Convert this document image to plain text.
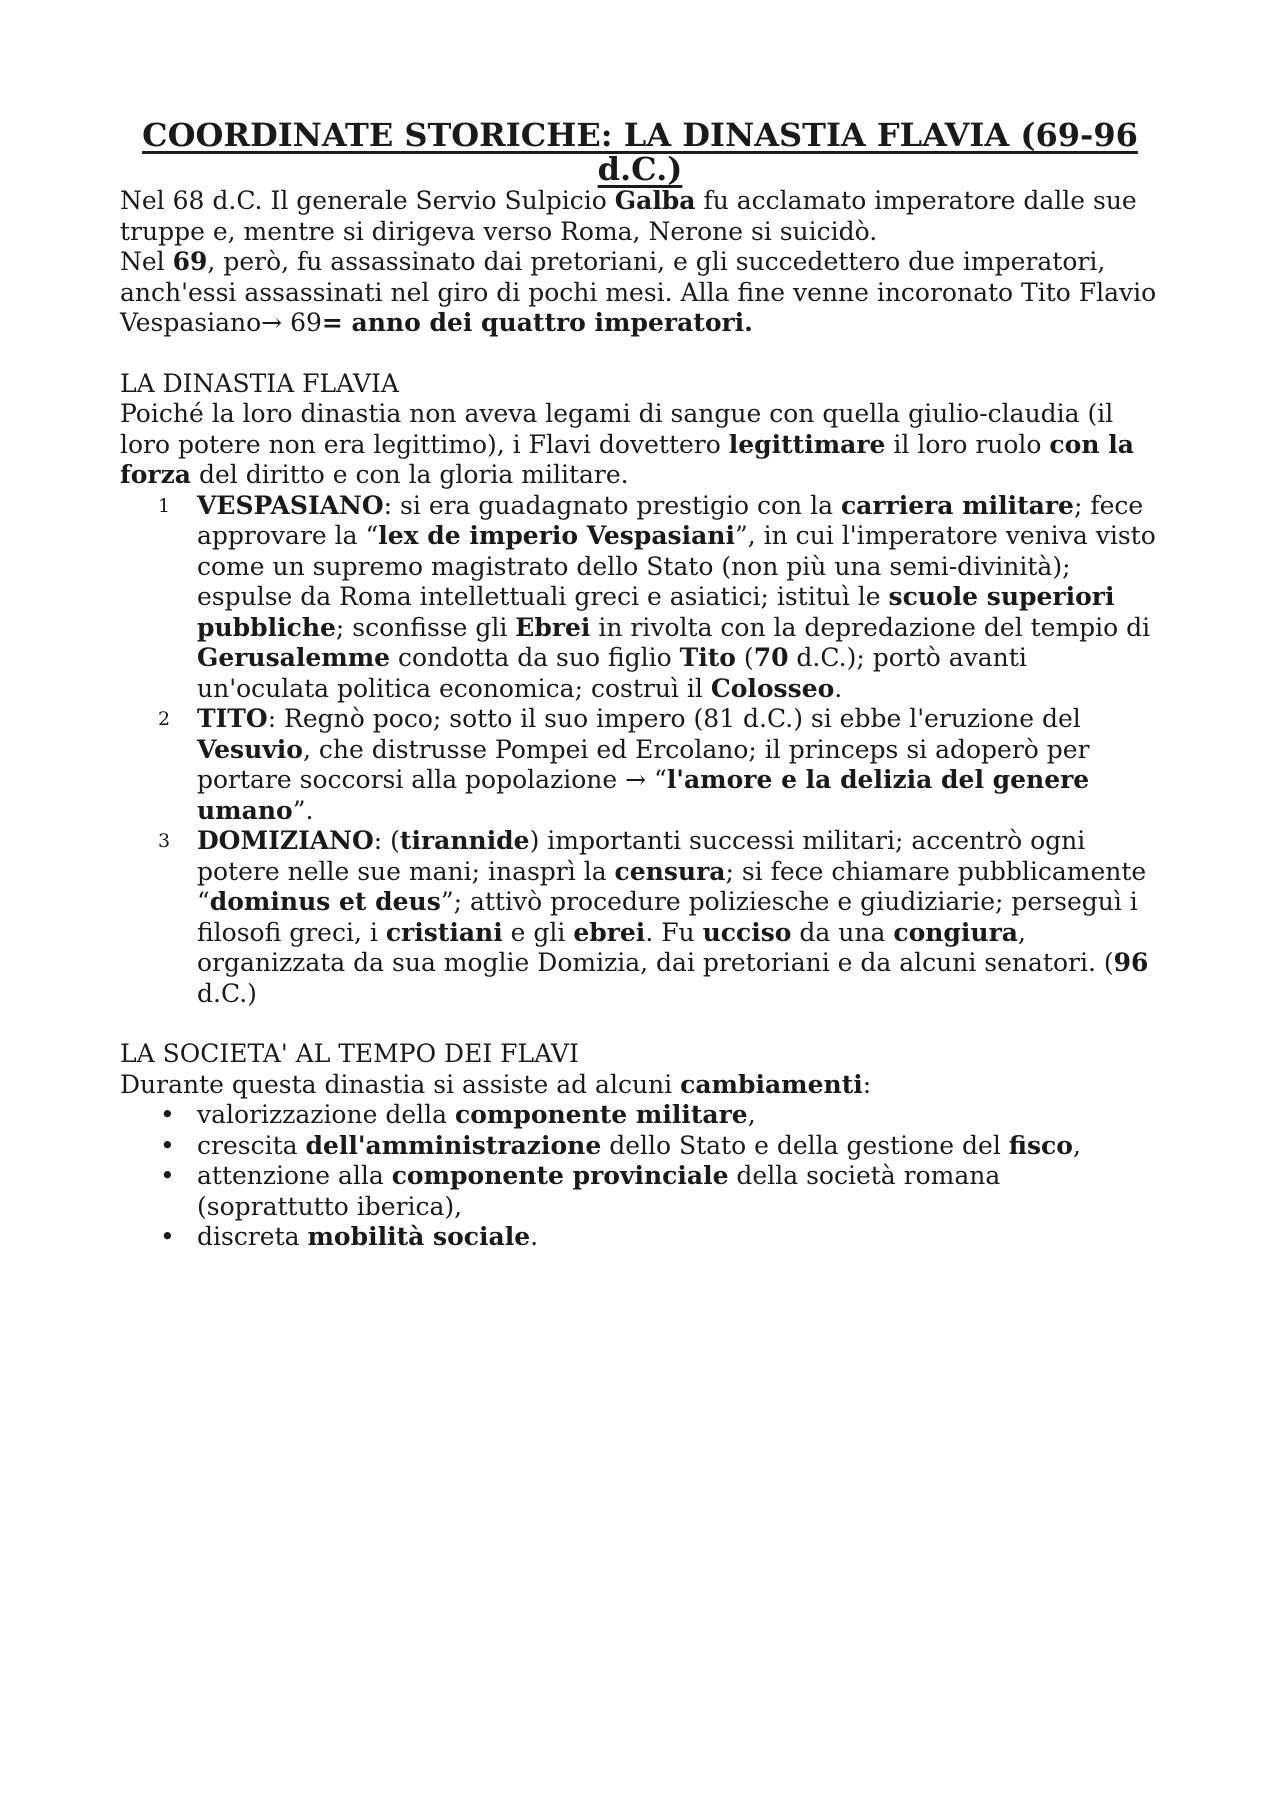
COORDINATE STORICHE: LA DINASTIA FLAVIA (69-96 d.C.)

Nel 68 d.C. Il generale Servio Sulpicio Galba fu acclamato imperatore dalle sue truppe e, mentre si dirigeva verso Roma, Nerone si suicidò.

Nel 69, però, fu assassinato dai pretoriani, e gli succedettero due imperatori, anch'essi assassinati nel giro di pochi mesi. Alla fine venne incoronato Tito Flavio Vespasiano→ 69= anno dei quattro imperatori.

LA DINASTIA FLAVIA

Poiché la loro dinastia non aveva legami di sangue con quella giulio-claudia (il loro potere non era legittimo), i Flavi dovettero legittimare il loro ruolo con la forza del diritto e con la gloria militare.

1 VESPASIANO: si era guadagnato prestigio con la carriera militare; fece approvare la “lex de imperio Vespasiani”, in cui l'imperatore veniva visto come un supremo magistrato dello Stato (non più una semi-divinità); espulse da Roma intellettuali greci e asiatici; istituì le scuole superiori pubbliche; sconfisse gli Ebrei in rivolta con la depredazione del tempio di Gerusalemme condotta da suo figlio Tito (70 d.C.); portò avanti un'oculata politica economica; costruì il Colosseo.
2 TITO: Regnò poco; sotto il suo impero (81 d.C.) si ebbe l'eruzione del Vesuvio, che distrusse Pompei ed Ercolano; il princeps si adoperò per portare soccorsi alla popolazione → “l'amore e la delizia del genere umano”.
3 DOMIZIANO: (tirannide) importanti successi militari; accentrò ogni potere nelle sue mani; inasprì la censura; si fece chiamare pubblicamente “dominus et deus”; attivò procedure poliziesche e giudiziarie; perseguì i filosofi greci, i cristiani e gli ebrei. Fu ucciso da una congiura, organizzata da sua moglie Domizia, dai pretoriani e da alcuni senatori. (96 d.C.)
LA SOCIETA' AL TEMPO DEI FLAVI

Durante questa dinastia si assiste ad alcuni cambiamenti:

• valorizzazione della componente militare,
• crescita dell'amministrazione dello Stato e della gestione del fisco,
• attenzione alla componente provinciale della società romana (soprattutto iberica),
• discreta mobilità sociale.
